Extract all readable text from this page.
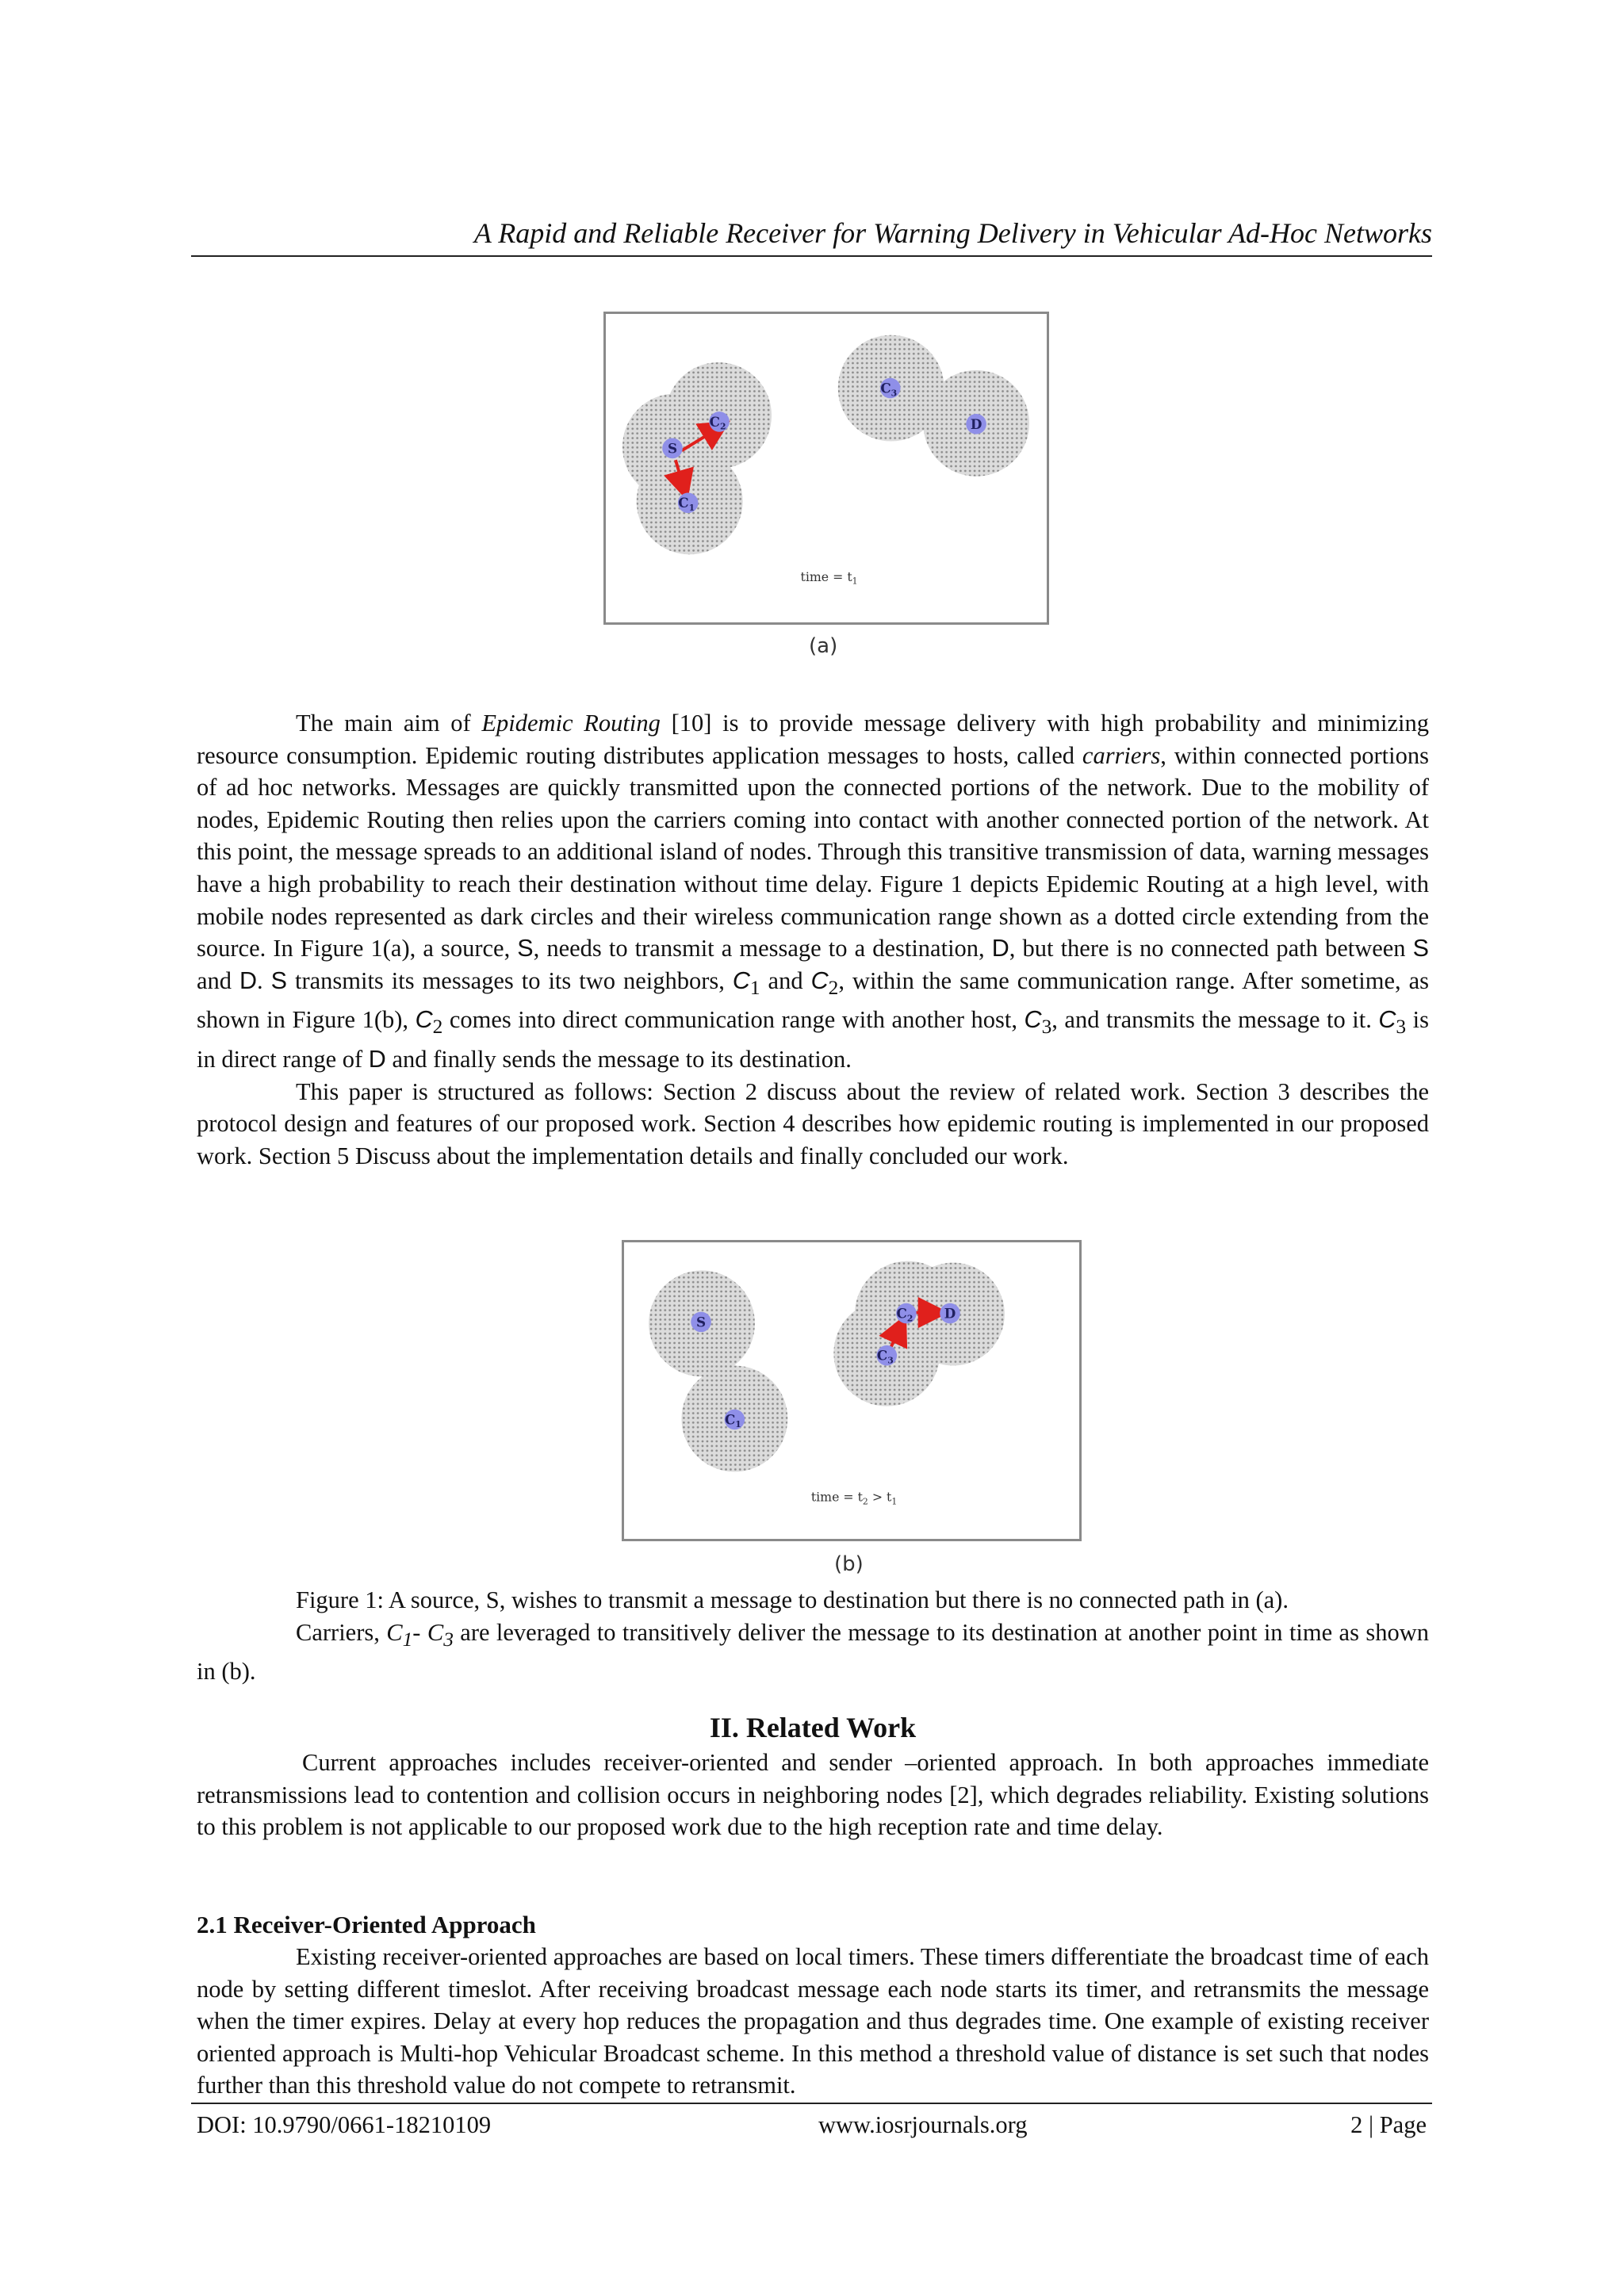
A Rapid and Reliable Receiver for Warning Delivery in Vehicular Ad-Hoc Networks
S
$C_2$
$C_1$
$C_3$
D
time = $t_1$
(a)

The main aim of Epidemic Routing [10] is to provide message delivery with high probability and minimizing resource consumption. Epidemic routing distributes application messages to hosts, called carriers, within connected portions of ad hoc networks. Messages are quickly transmitted upon the connected portions of the network. Due to the mobility of nodes, Epidemic Routing then relies upon the carriers coming into contact with another connected portion of the network. At this point, the message spreads to an additional island of nodes. Through this transitive transmission of data, warning messages have a high probability to reach their destination without time delay. Figure 1 depicts Epidemic Routing at a high level, with mobile nodes represented as dark circles and their wireless communication range shown as a dotted circle extending from the source. In Figure 1(a), a source, S, needs to transmit a message to a destination, D, but there is no connected path between S and D. S transmits its messages to its two neighbors, $C_1$ and $C_2$, within the same communication range. After sometime, as shown in Figure 1(b), $C_2$ comes into direct communication range with another host, $C_3$, and transmits the message to it. $C_3$ is in direct range of D and finally sends the message to its destination.

This paper is structured as follows: Section 2 discuss about the review of related work. Section 3 describes the protocol design and features of our proposed work. Section 4 describes how epidemic routing is implemented in our proposed work. Section 5 Discuss about the implementation details and finally concluded our work.

S
$C_1$
$C_3$
$C_2$ D
time = $t_2 > t_1$
(b)

Figure 1: A source, S, wishes to transmit a message to destination but there is no connected path in (a).

Carriers, $C_1-$ $C_3$ are leveraged to transitively deliver the message to its destination at another point in time as shown in (b).

II. Related Work

Current approaches includes receiver-oriented and sender –oriented approach. In both approaches immediate retransmissions lead to contention and collision occurs in neighboring nodes [2], which degrades reliability. Existing solutions to this problem is not applicable to our proposed work due to the high reception rate and time delay.

2.1 Receiver-Oriented Approach

Existing receiver-oriented approaches are based on local timers. These timers differentiate the broadcast time of each node by setting different timeslot. After receiving broadcast message each node starts its timer, and retransmits the message when the timer expires. Delay at every hop reduces the propagation and thus degrades time. One example of existing receiver oriented approach is Multi-hop Vehicular Broadcast scheme. In this method a threshold value of distance is set such that nodes further than this threshold value do not compete to retransmit.

DOI: 10.9790/0661-18210109	www.iosrjournals.org	2 | Page
